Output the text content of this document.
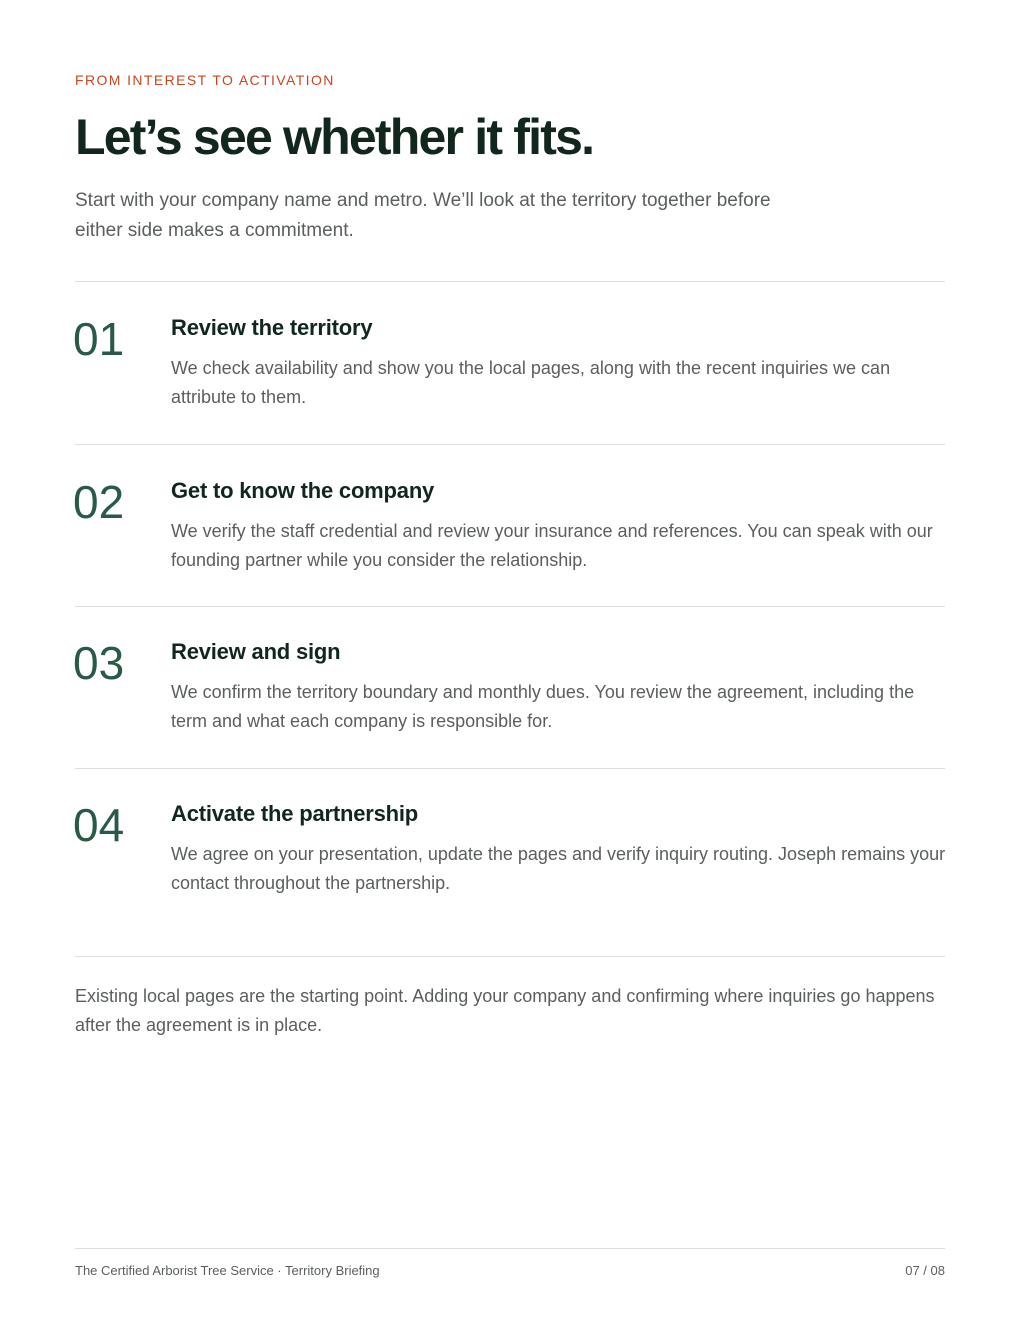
FROM INTEREST TO ACTIVATION
Let’s see whether it fits.

Start with your company name and metro. We’ll look at the territory together before either side makes a commitment.

01 Review the territory

We check availability and show you the local pages, along with the recent inquiries we can attribute to them.

02 Get to know the company

We verify the staff credential and review your insurance and references. You can speak with our founding partner while you consider the relationship.

03 Review and sign

We confirm the territory boundary and monthly dues. You review the agreement, including the term and what each company is responsible for.

04 Activate the partnership

We agree on your presentation, update the pages and verify inquiry routing. Joseph remains your contact throughout the partnership.

Existing local pages are the starting point. Adding your company and confirming where inquiries go happens after the agreement is in place.

The Certified Arborist Tree Service · Territory Briefing	07 / 08
